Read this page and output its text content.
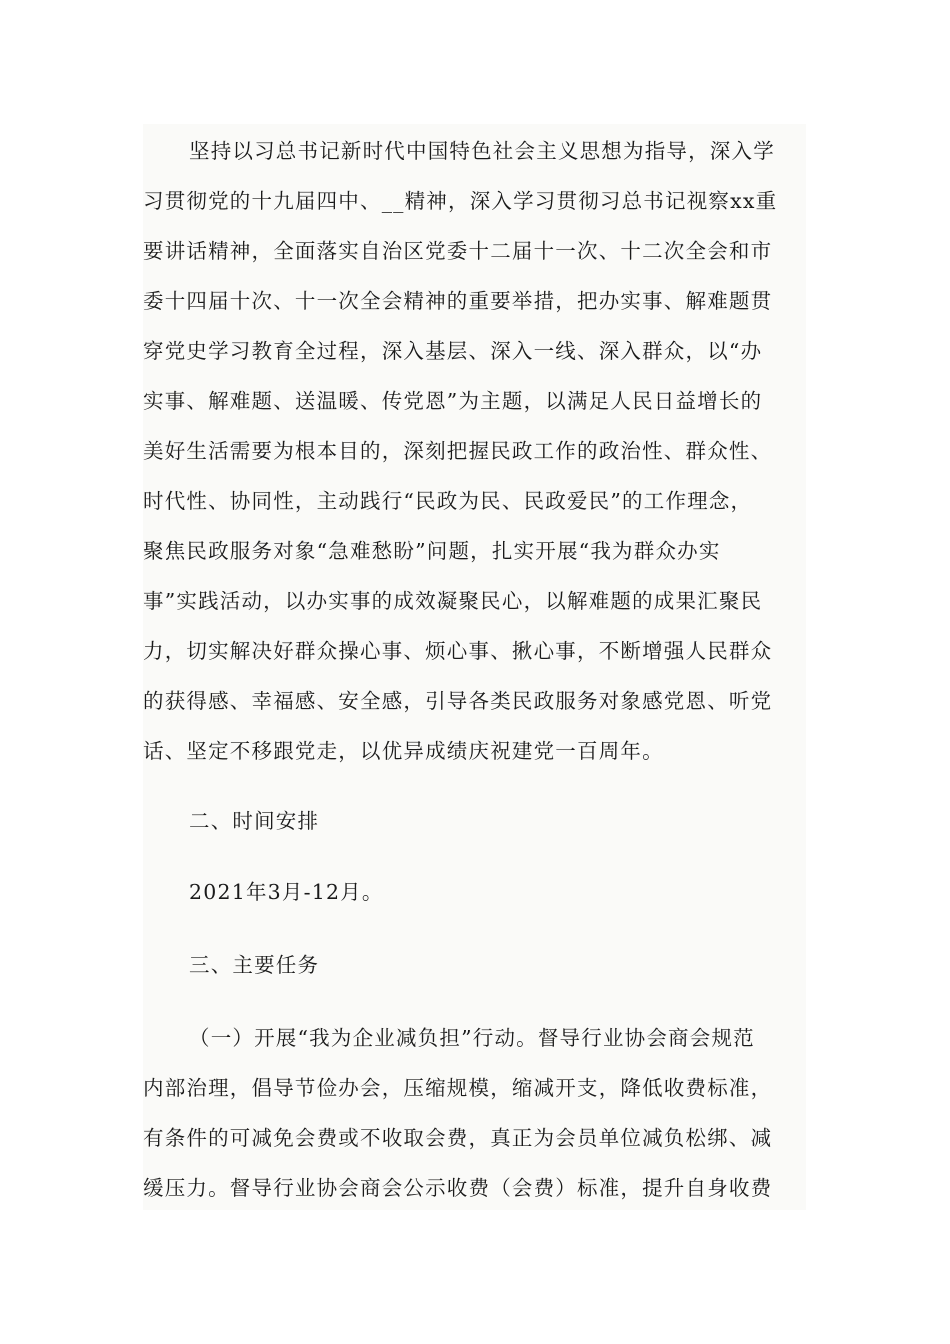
坚持以习总书记新时代中国特色社会主义思想为指导，深入学
习贯彻党的十九届四中、__精神，深入学习贯彻习总书记视察xx重
要讲话精神，全面落实自治区党委十二届十一次、十二次全会和市
委十四届十次、十一次全会精神的重要举措，把办实事、解难题贯
穿党史学习教育全过程，深入基层、深入一线、深入群众，以“办
实事、解难题、送温暖、传党恩”为主题，以满足人民日益增长的
美好生活需要为根本目的，深刻把握民政工作的政治性、群众性、
时代性、协同性，主动践行“民政为民、民政爱民”的工作理念，
聚焦民政服务对象“急难愁盼”问题，扎实开展“我为群众办实
事”实践活动，以办实事的成效凝聚民心，以解难题的成果汇聚民
力，切实解决好群众操心事、烦心事、揪心事，不断增强人民群众
的获得感、幸福感、安全感，引导各类民政服务对象感党恩、听党
话、坚定不移跟党走，以优异成绩庆祝建党一百周年。

二、时间安排

2021年3月-12月。

三、主要任务

（一）开展“我为企业减负担”行动。督导行业协会商会规范
内部治理，倡导节俭办会，压缩规模，缩减开支，降低收费标准，
有条件的可减免会费或不收取会费，真正为会员单位减负松绑、减
缓压力。督导行业协会商会公示收费（会费）标准，提升自身收费
